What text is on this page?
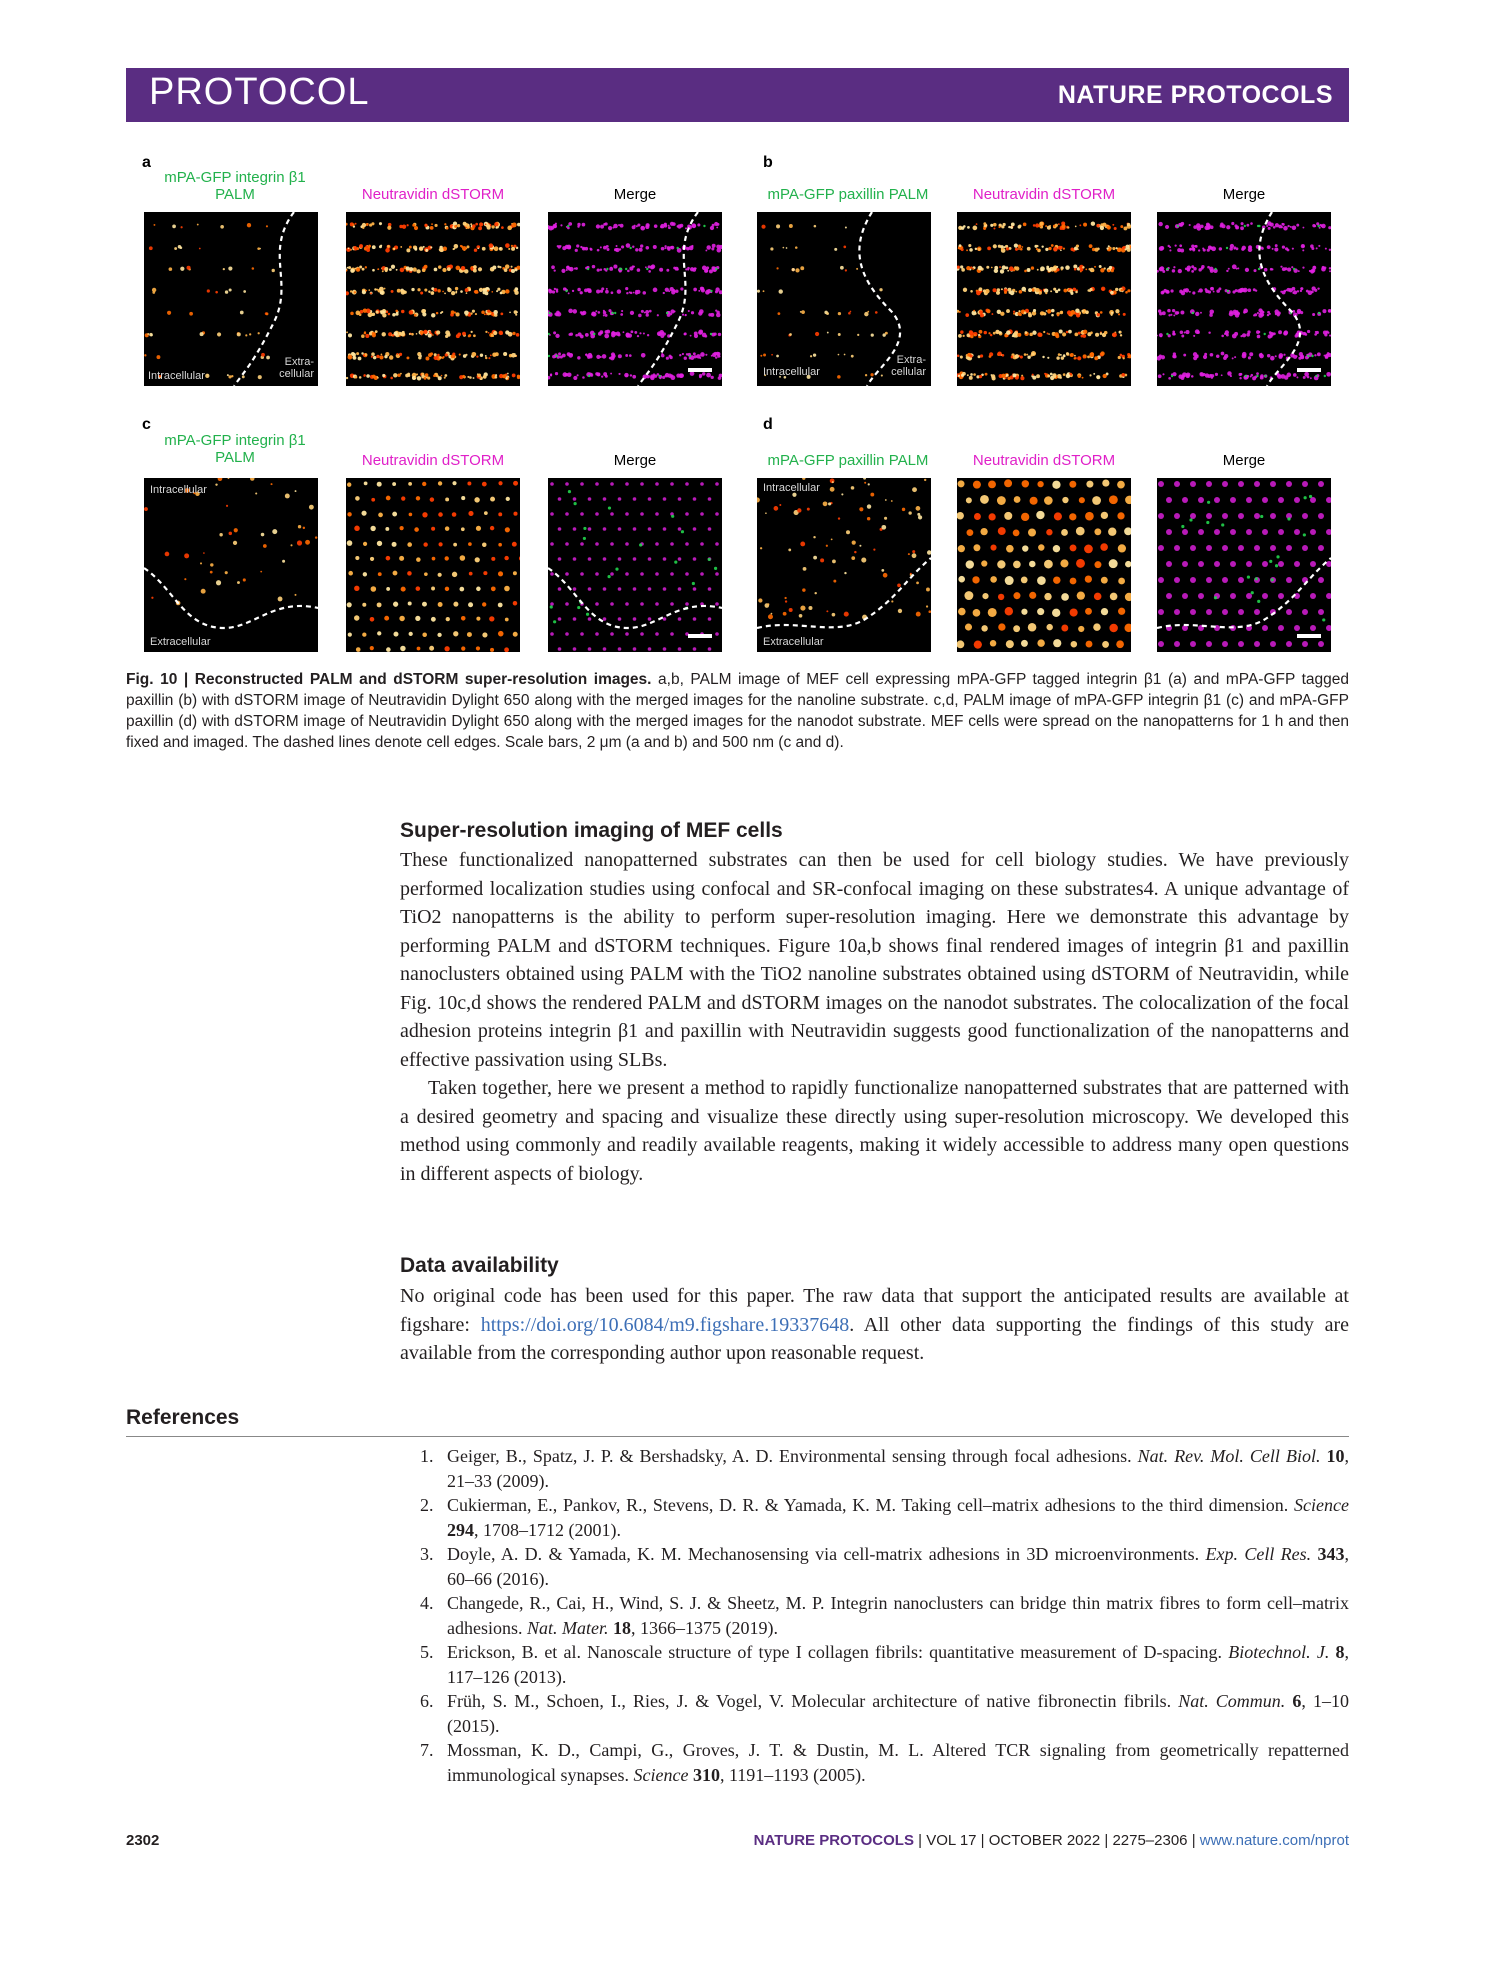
PROTOCOL	NATURE PROTOCOLS
a
mPA-GFP integrin β1
PALM	Neutravidin dSTORM	Merge
Intracellular
Extra-
cellular
b
mPA-GFP paxillin PALM	Neutravidin dSTORM	Merge
Intracellular
Extra-
cellular
c
mPA-GFP integrin β1
PALM	Neutravidin dSTORM	Merge
Intracellular
Extracellular
d
mPA-GFP paxillin PALM	Neutravidin dSTORM	Merge
Intracellular
Extracellular
Fig. 10 | Reconstructed PALM and dSTORM super-resolution images. a,b, PALM image of MEF cell expressing mPA-GFP tagged integrin β1 (a) and mPA-GFP tagged paxillin (b) with dSTORM image of Neutravidin Dylight 650 along with the merged images for the nanoline substrate. c,d, PALM image of mPA-GFP integrin β1 (c) and mPA-GFP paxillin (d) with dSTORM image of Neutravidin Dylight 650 along with the merged images for the nanodot substrate. MEF cells were spread on the nanopatterns for 1 h and then fixed and imaged. The dashed lines denote cell edges. Scale bars, 2 μm (a and b) and 500 nm (c and d).
Super-resolution imaging of MEF cells

These functionalized nanopatterned substrates can then be used for cell biology studies. We have previously performed localization studies using confocal and SR-confocal imaging on these substrates4. A unique advantage of TiO2 nanopatterns is the ability to perform super-resolution imaging. Here we demonstrate this advantage by performing PALM and dSTORM techniques. Figure 10a,b shows final rendered images of integrin β1 and paxillin nanoclusters obtained using PALM with the TiO2 nanoline substrates obtained using dSTORM of Neutravidin, while Fig. 10c,d shows the rendered PALM and dSTORM images on the nanodot substrates. The colocalization of the focal adhesion proteins integrin β1 and paxillin with Neutravidin suggests good functionalization of the nanopatterns and effective passivation using SLBs.

Taken together, here we present a method to rapidly functionalize nanopatterned substrates that are patterned with a desired geometry and spacing and visualize these directly using super-resolution microscopy. We developed this method using commonly and readily available reagents, making it widely accessible to address many open questions in different aspects of biology.

Data availability

No original code has been used for this paper. The raw data that support the anticipated results are available at figshare: https://doi.org/10.6084/m9.figshare.19337648. All other data supporting the findings of this study are available from the corresponding author upon reasonable request.

References
1. Geiger, B., Spatz, J. P. & Bershadsky, A. D. Environmental sensing through focal adhesions. Nat. Rev. Mol. Cell Biol. 10, 21–33 (2009).
2. Cukierman, E., Pankov, R., Stevens, D. R. & Yamada, K. M. Taking cell–matrix adhesions to the third dimension. Science 294, 1708–1712 (2001).
3. Doyle, A. D. & Yamada, K. M. Mechanosensing via cell-matrix adhesions in 3D microenvironments. Exp. Cell Res. 343, 60–66 (2016).
4. Changede, R., Cai, H., Wind, S. J. & Sheetz, M. P. Integrin nanoclusters can bridge thin matrix fibres to form cell–matrix adhesions. Nat. Mater. 18, 1366–1375 (2019).
5. Erickson, B. et al. Nanoscale structure of type I collagen fibrils: quantitative measurement of D-spacing. Biotechnol. J. 8, 117–126 (2013).
6. Früh, S. M., Schoen, I., Ries, J. & Vogel, V. Molecular architecture of native fibronectin fibrils. Nat. Commun. 6, 1–10 (2015).
7. Mossman, K. D., Campi, G., Groves, J. T. & Dustin, M. L. Altered TCR signaling from geometrically repatterned immunological synapses. Science 310, 1191–1193 (2005).
2302	NATURE PROTOCOLS | VOL 17 | OCTOBER 2022 | 2275–2306 | www.nature.com/nprot
